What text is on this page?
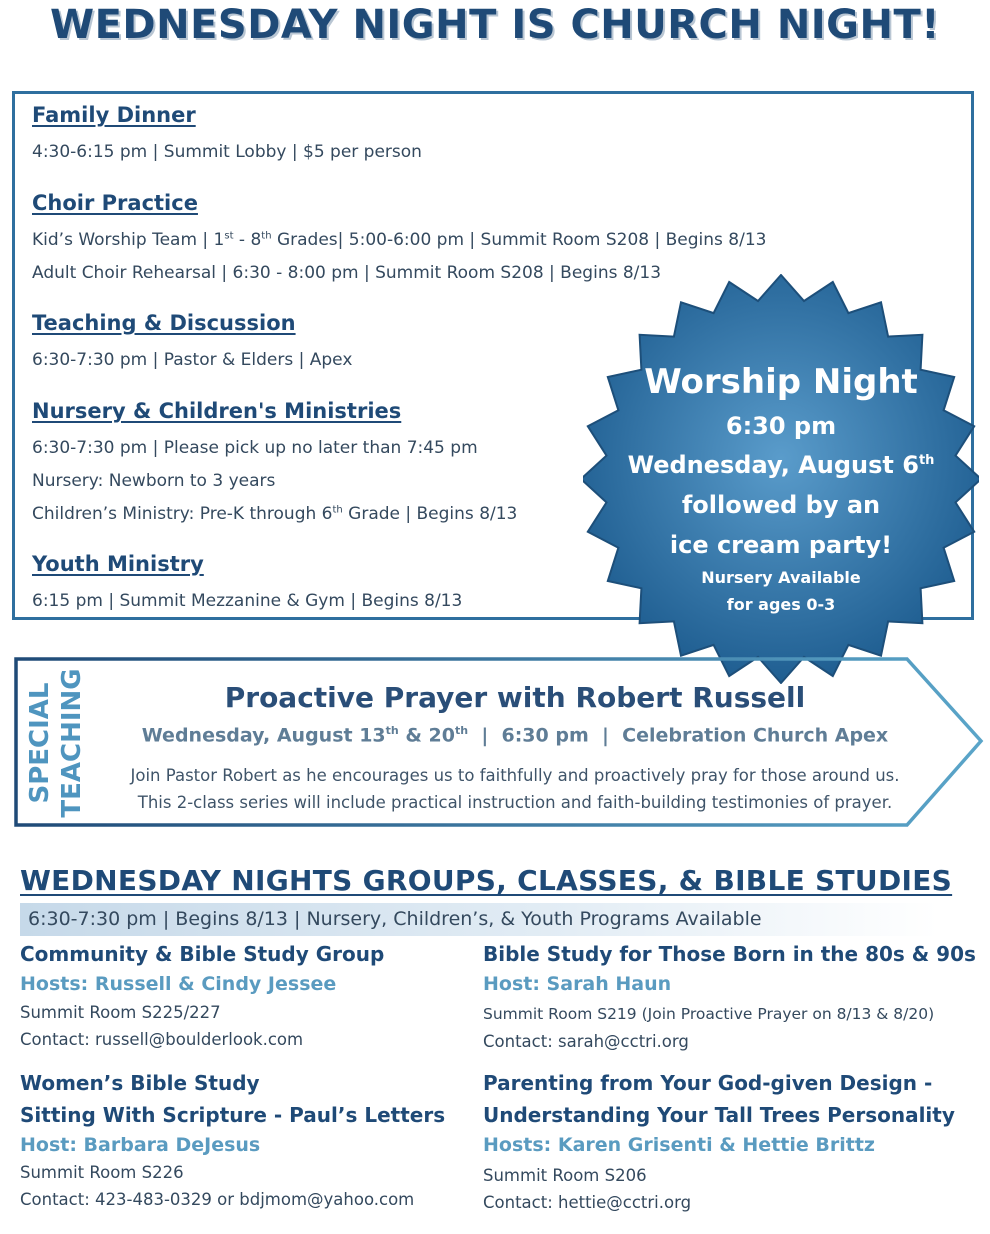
WEDNESDAY NIGHT IS CHURCH NIGHT!
Family Dinner
4:30-6:15 pm | Summit Lobby | $5 per person
Choir Practice
Kid’s Worship Team | 1st - 8th Grades| 5:00-6:00 pm | Summit Room S208 | Begins 8/13
Adult Choir Rehearsal | 6:30 - 8:00 pm | Summit Room S208 | Begins 8/13
Teaching & Discussion
6:30-7:30 pm | Pastor & Elders | Apex
Nursery & Children's Ministries
6:30-7:30 pm | Please pick up no later than 7:45 pm
Nursery: Newborn to 3 years
Children’s Ministry: Pre-K through 6th Grade | Begins 8/13
Youth Ministry
6:15 pm | Summit Mezzanine & Gym | Begins 8/13
Worship Night
6:30 pm
Wednesday, August 6th
followed by an
ice cream party!
Nursery Available
for ages 0-3
SPECIAL TEACHING	Proactive Prayer with Robert Russell
Wednesday, August 13th & 20th  |  6:30 pm  |  Celebration Church Apex
Join Pastor Robert as he encourages us to faithfully and proactively pray for those around us.
This 2-class series will include practical instruction and faith-building testimonies of prayer.
WEDNESDAY NIGHTS GROUPS, CLASSES, & BIBLE STUDIES
6:30-7:30 pm | Begins 8/13 | Nursery, Children’s, & Youth Programs Available
Community & Bible Study Group
Hosts: Russell & Cindy Jessee
Summit Room S225/227
Contact: russell@boulderlook.com
Women’s Bible Study
Sitting With Scripture - Paul’s Letters
Host: Barbara DeJesus
Summit Room S226
Contact: 423-483-0329 or bdjmom@yahoo.com
Bible Study for Those Born in the 80s & 90s
Host: Sarah Haun
Summit Room S219 (Join Proactive Prayer on 8/13 & 8/20)
Contact: sarah@cctri.org
Parenting from Your God-given Design -
Understanding Your Tall Trees Personality
Hosts: Karen Grisenti & Hettie Brittz
Summit Room S206
Contact: hettie@cctri.org
